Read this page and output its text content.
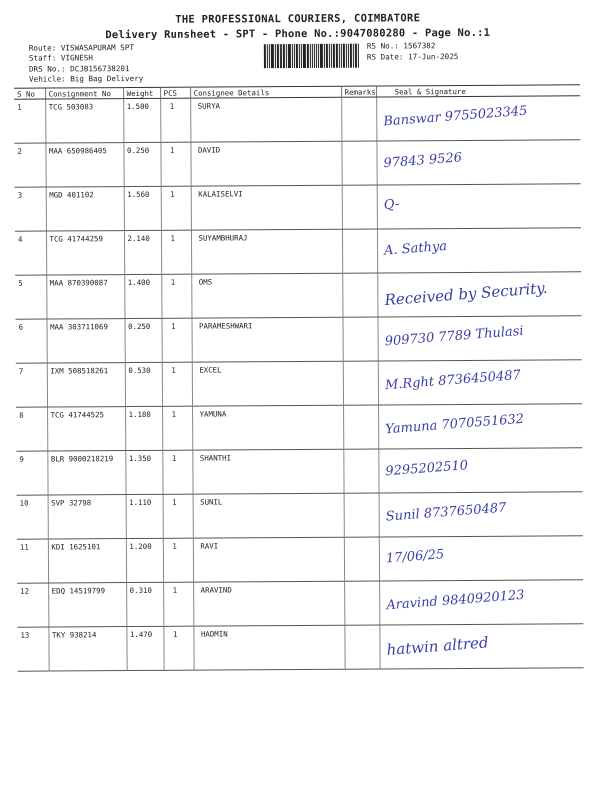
THE PROFESSIONAL COURIERS, COIMBATORE
Delivery Runsheet - SPT - Phone No.:9047080280 - Page No.:1
Route: VISWASAPURAM SPT
Staff: VIGNESH
DRS No.: DCJB156738201
Vehicle: Big Bag Delivery
RS No.: 1567382
RS Date: 17-Jun-2025
S No	Consignment No	Weight	PCS	Consignee Details	Remarks	Seal & Signature
1	TCG 503083	1.500	1	SURYA		Banswar 9755023345

2	MAA 650986405	0.250	1	DAVID		97843 9526

3	MGD 401102	1.560	1	KALAISELVI		Q-

4	TCG 41744259	2.140	1	SUYAMBHURAJ		A. Sathya

5	MAA 870390087	1.400	1	OMS		Received by Security.

6	MAA 303711069	0.250	1	PARAMESHWARI		909730 7789 Thulasi

7	IXM 508518261	0.530	1	EXCEL		M.Rght 8736450487

8	TCG 41744525	1.180	1	YAMUNA		Yamuna 7070551632

9	BLR 9000218219	1.350	1	SHANTHI		9295202510

10	SVP 32798	1.110	1	SUNIL		Sunil 8737650487

11	KDI 1625101	1.200	1	RAVI		17/06/25

12	EDQ 14519799	0.310	1	ARAVIND		Aravind 9840920123

13	TKY 938214	1.470	1	HADMIN		hatwin altred
